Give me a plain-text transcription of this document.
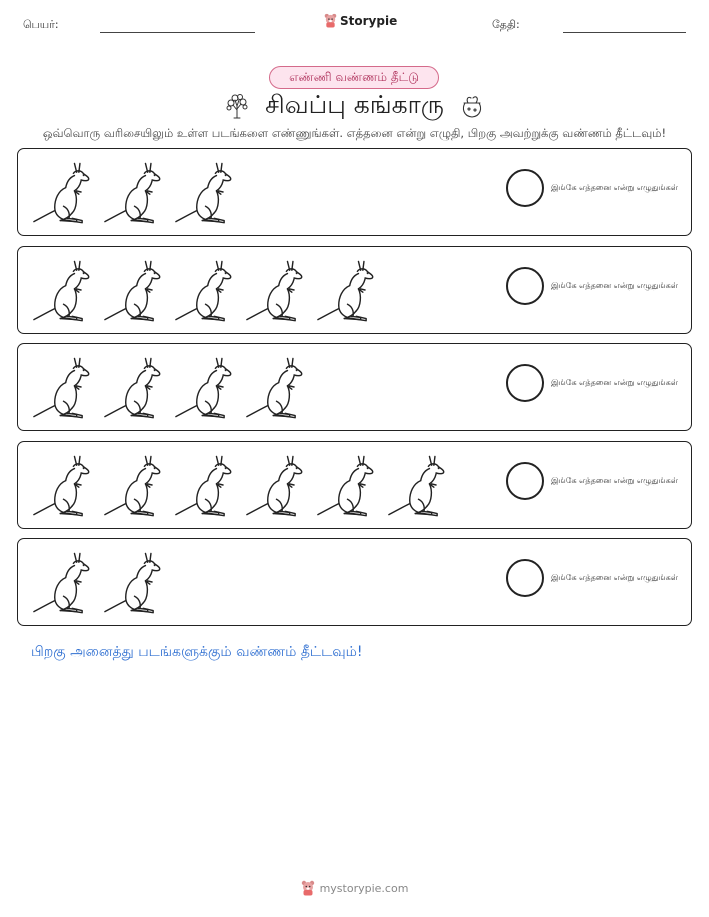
பெயர்:	Storypie	தேதி:
எண்ணி வண்ணம் தீட்டு
சிவப்பு கங்காரு
ஒவ்வொரு வரிசையிலும் உள்ள படங்களை எண்ணுங்கள். எத்தனை என்று எழுதி, பிறகு அவற்றுக்கு வண்ணம் தீட்டவும்!
இங்கே எத்தனை என்று எழுதுங்கள்
இங்கே எத்தனை என்று எழுதுங்கள்
இங்கே எத்தனை என்று எழுதுங்கள்
இங்கே எத்தனை என்று எழுதுங்கள்
இங்கே எத்தனை என்று எழுதுங்கள்
பிறகு அனைத்து படங்களுக்கும் வண்ணம் தீட்டவும்!
mystorypie.com
